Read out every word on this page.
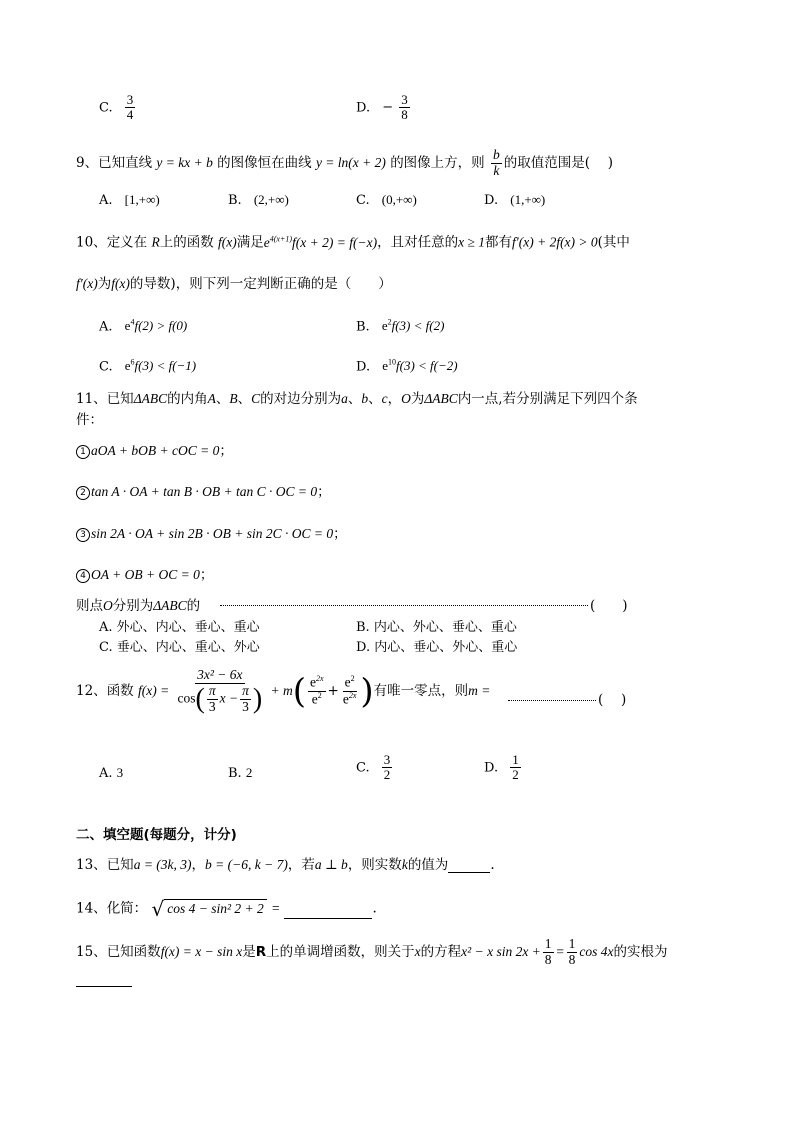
C. $\frac{3}{4}$	D. − $\frac{3}{8}$
9、已知直线 y = kx + b 的图像恒在曲线 y = ln(x + 2) 的图像上方，则 $\frac{b}{k}$ 的取值范围是(　 )
A. [1,+∞)	B. (2,+∞)	C. (0,+∞)	D. (1,+∞)
10、定义在 R上的函数 f(x)满足$e^{4(x+1)}f(x + 2) = f(-x)$，且对任意的x ≥ 1都有f′(x) + 2f(x) > 0(其中
f′(x)为f(x)的导数)，则下列一定判断正确的是（　　）
A. $e^4f(2) > f(0)$	B. $e^2f(3) < f(2)$
C. $e^6f(3) < f(-1)$	D. $e^{10}f(3) < f(-2)$
11、已知ΔABC的内角A、B、C的对边分别为a、b、c，O为ΔABC内一点,若分别满足下列四个条
件：
1 aOA + bOB + cOC = 0；
2 tan A · OA + tan B · OB + tan C · OC = 0；
3 sin 2A · OA + sin 2B · OB + sin 2C · OC = 0；
4 OA + OB + OC = 0；
则点O分别为ΔABC的	(　　)
A. 外心、内心、垂心、重心	B. 内心、外心、垂心、重心
C. 垂心、内心、重心、外心	D. 内心、垂心、外心、重心
12、函数 $f(x) = \frac{\text{3x² − 6x}}{\cos( \frac{\pi}{3} x - \frac{\pi}{3} )} + m( \frac{e^{2x}}{e^2} + \frac{e^2}{e^{2x}}$ )有唯一零点，则m =
(　 )
A. 3	B. 2	C. $\frac{3}{2}$	D. $\frac{1}{2}$
二、填空题(每题分，计分)
13、已知a = (3k, 3)，b = (−6, k − 7)，若a ⊥ b，则实数k的值为	.
14、化简： √ cos 4 − sin² 2 + 2 =	.
15、已知函数f(x) = x − sin x是R上的单调增函数，则关于x的方程x² − x $\sin 2x + \frac{1}{8} = \frac{1}{8}$ cos 4x的实根为
